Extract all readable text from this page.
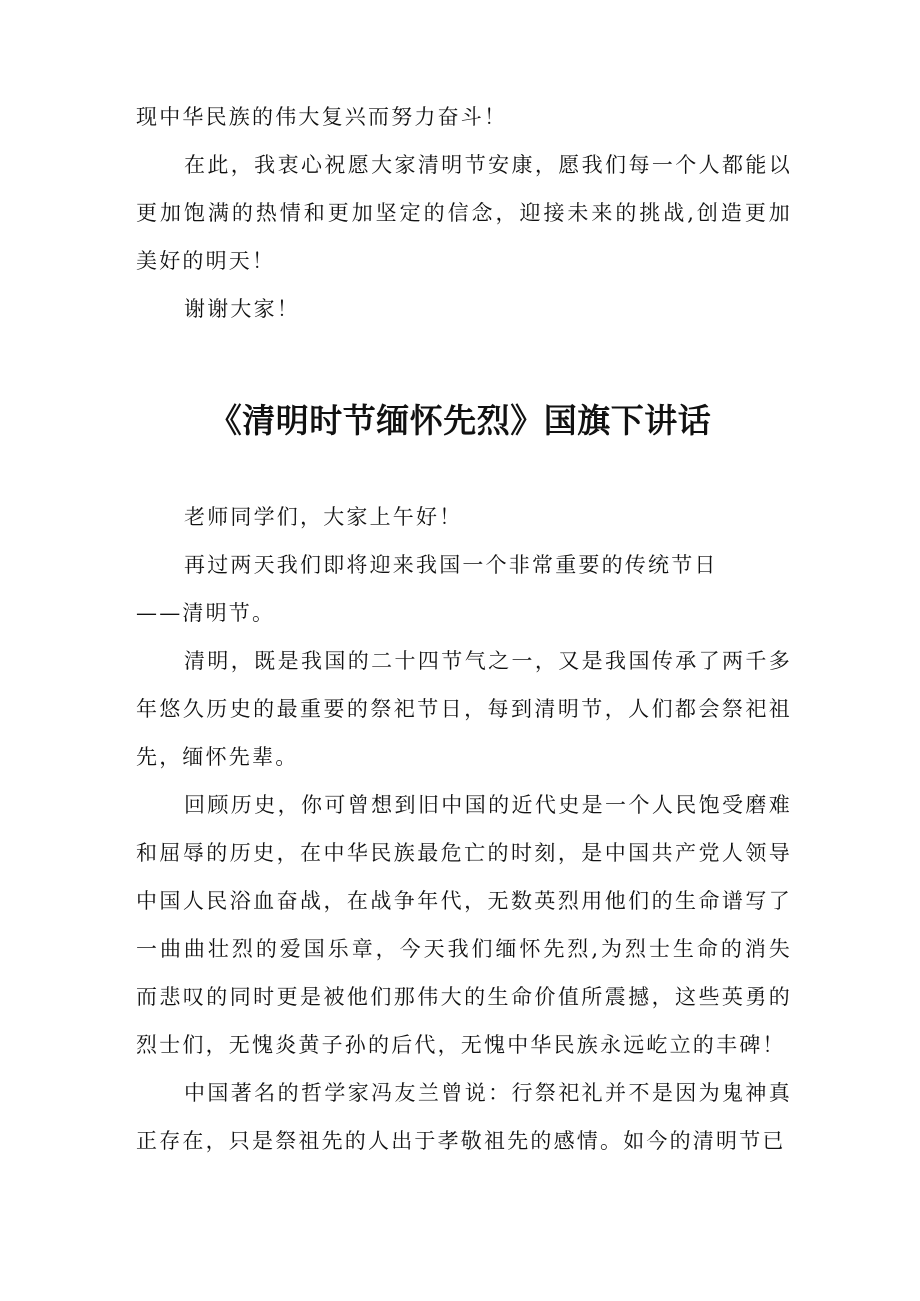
现中华民族的伟大复兴而努力奋斗！

在此，我衷心祝愿大家清明节安康，愿我们每一个人都能以更加饱满的热情和更加坚定的信念，迎接未来的挑战,创造更加美好的明天！

谢谢大家！

《清明时节缅怀先烈》国旗下讲话

老师同学们，大家上午好！

再过两天我们即将迎来我国一个非常重要的传统节日

——清明节。

清明，既是我国的二十四节气之一，又是我国传承了两千多年悠久历史的最重要的祭祀节日，每到清明节，人们都会祭祀祖先，缅怀先辈。

回顾历史，你可曾想到旧中国的近代史是一个人民饱受磨难和屈辱的历史，在中华民族最危亡的时刻，是中国共产党人领导中国人民浴血奋战，在战争年代，无数英烈用他们的生命谱写了一曲曲壮烈的爱国乐章，今天我们缅怀先烈,为烈士生命的消失而悲叹的同时更是被他们那伟大的生命价值所震撼，这些英勇的烈士们，无愧炎黄子孙的后代，无愧中华民族永远屹立的丰碑！

中国著名的哲学家冯友兰曾说：行祭祀礼并不是因为鬼神真正存在，只是祭祖先的人出于孝敬祖先的感情。如今的清明节已
